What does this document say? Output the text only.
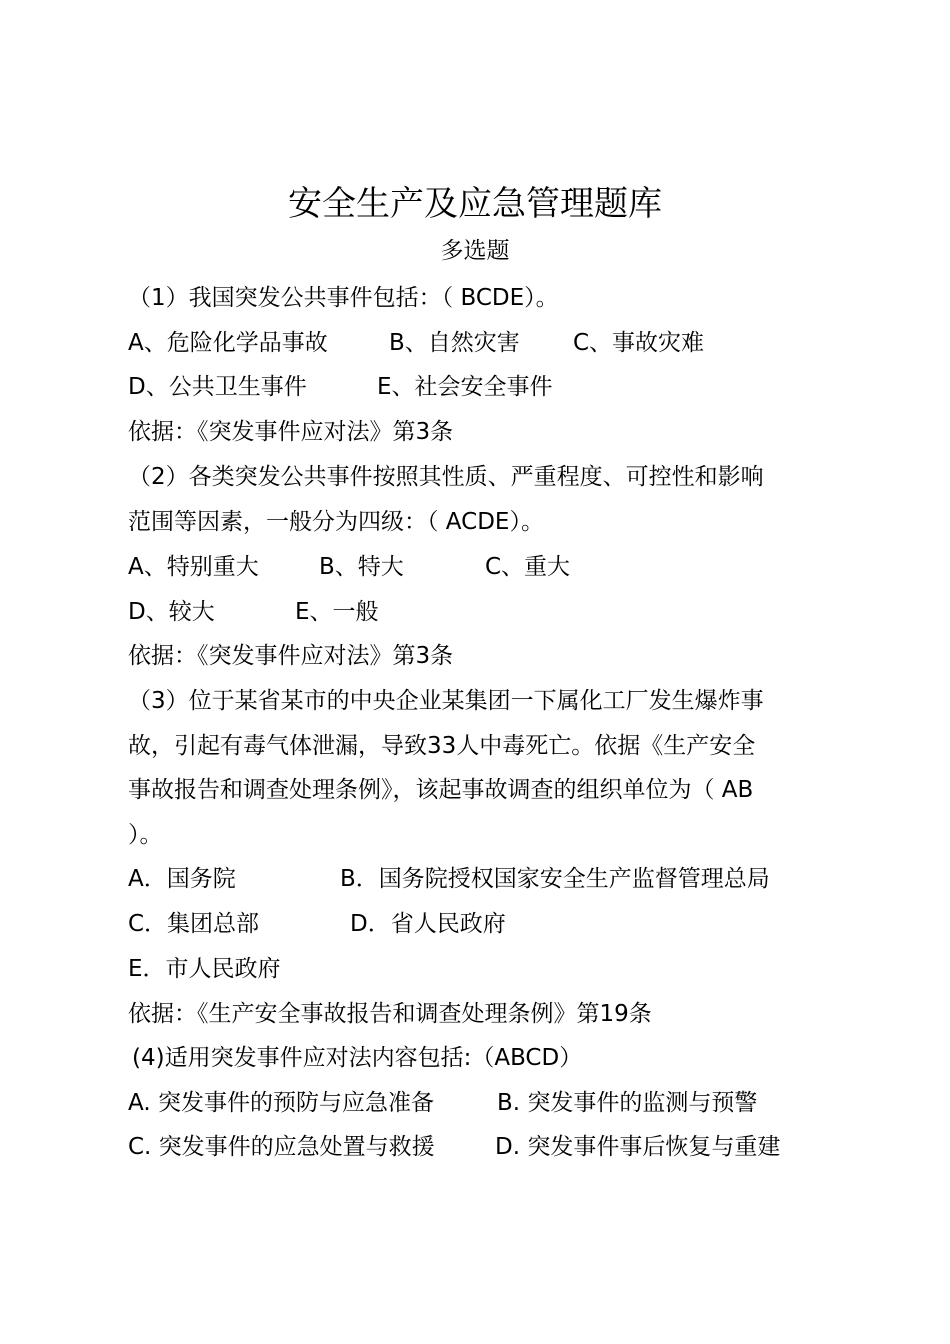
安全生产及应急管理题库
多选题
（1）我国突发公共事件包括：（ BCDE）。
A、危险化学品事故	B、自然灾害 C、事故灾难
D、公共卫生事件	E、社会安全事件
依据：《突发事件应对法》第3条
（2）各类突发公共事件按照其性质、严重程度、可控性和影响
范围等因素，一般分为四级：（ ACDE）。
A、特别重大	B、特大	C、重大
D、较大	E、一般
依据：《突发事件应对法》第3条
（3）位于某省某市的中央企业某集团一下属化工厂发生爆炸事
故，引起有毒气体泄漏，导致33人中毒死亡。依据《生产安全
事故报告和调查处理条例》，该起事故调查的组织单位为（ AB
）。
A．国务院	B．国务院授权国家安全生产监督管理总局
C．集团总部	D．省人民政府
E．市人民政府
依据：《生产安全事故报告和调查处理条例》第19条
(4)适用突发事件应对法内容包括:（ABCD）
A. 突发事件的预防与应急准备	B. 突发事件的监测与预警
C. 突发事件的应急处置与救援	D. 突发事件事后恢复与重建
